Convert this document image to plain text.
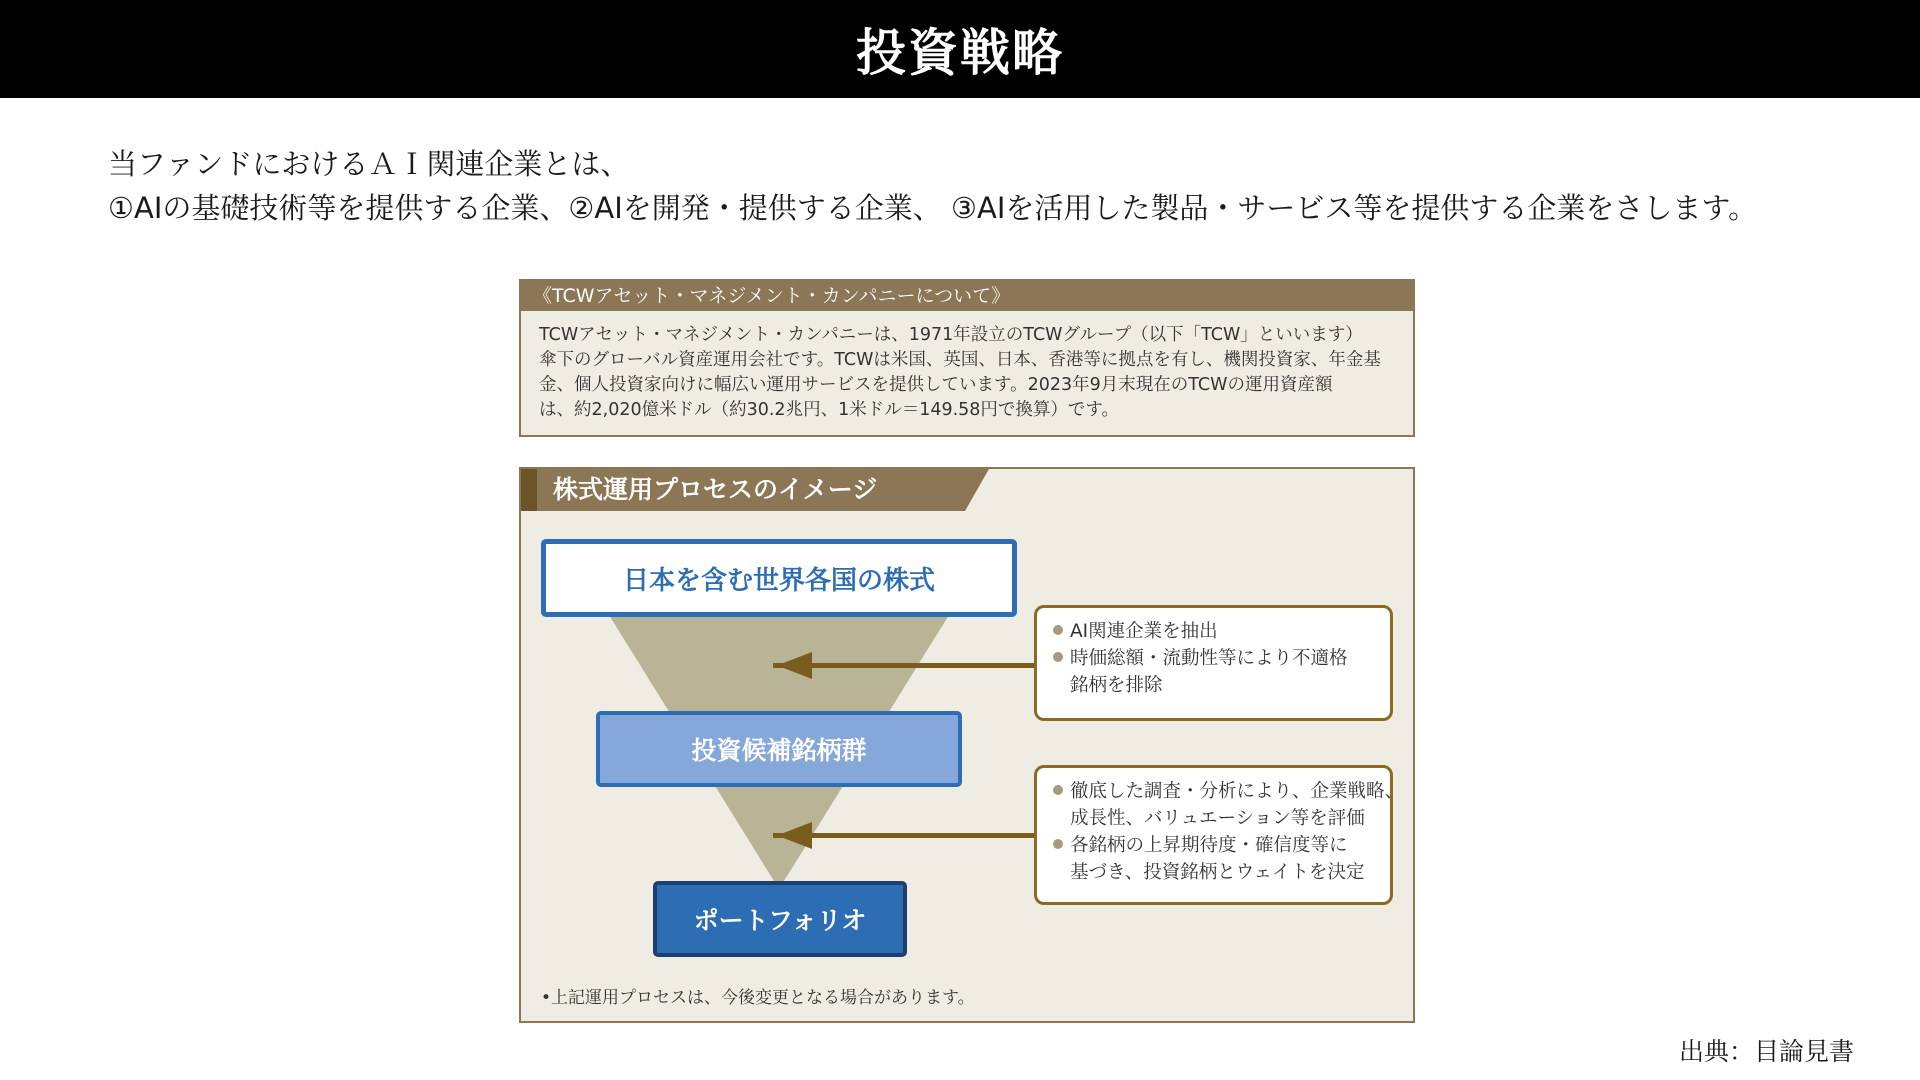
投資戦略
当ファンドにおけるＡＩ関連企業とは、
①AIの基礎技術等を提供する企業、②AIを開発・提供する企業、 ③AIを活用した製品・サービス等を提供する企業をさします。
《TCWアセット・マネジメント・カンパニーについて》
TCWアセット・マネジメント・カンパニーは、1971年設立のTCWグループ（以下「TCW」といいます）
傘下のグローバル資産運用会社です。TCWは米国、英国、日本、香港等に拠点を有し、機関投資家、年金基
金、個人投資家向けに幅広い運用サービスを提供しています。2023年9月末現在のTCWの運用資産額
は、約2,020億米ドル（約30.2兆円、1米ドル＝149.58円で換算）です。
株式運用プロセスのイメージ
日本を含む世界各国の株式
投資候補銘柄群
ポートフォリオ
AI関連企業を抽出
時価総額・流動性等により不適格
銘柄を排除
徹底した調査・分析により、企業戦略、
成長性、バリュエーション等を評価
各銘柄の上昇期待度・確信度等に
基づき、投資銘柄とウェイトを決定
•上記運用プロセスは、今後変更となる場合があります。
出典：目論見書
